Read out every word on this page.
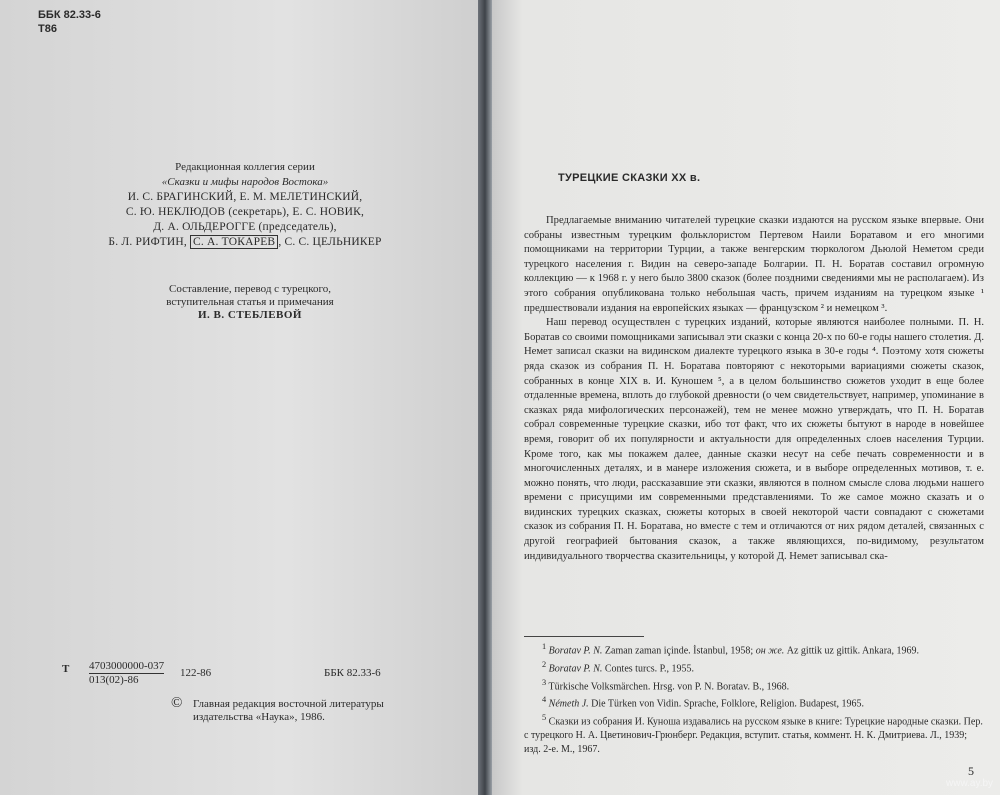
ББК 82.33-6
Т86
Редакционная коллегия серии
«Сказки и мифы народов Востока»
И. С. БРАГИНСКИЙ, Е. М. МЕЛЕТИНСКИЙ,
С. Ю. НЕКЛЮДОВ (секретарь), Е. С. НОВИК,
Д. А. ОЛЬДЕРОГГЕ (председатель),
Б. Л. РИФТИН, С. А. ТОКАРЕВ , С. С. ЦЕЛЬНИКЕР
Составление, перевод с турецкого,
вступительная статья и примечания
И. В. СТЕБЛЕВОЙ
Т 4703000000-037
013(02)-86
122-86	ББК 82.33-6
© Главная редакция восточной литературы
издательства «Наука», 1986.
ТУРЕЦКИЕ СКАЗКИ XX в.

Предлагаемые вниманию читателей турецкие сказки издаются на русском языке впервые. Они собраны известным турецким фольклористом Пертевом Наили Боратавом и его многими помощниками на территории Турции, а также венгерским тюркологом Дьюлой Неметом среди турецкого населения г. Видин на северо-западе Болгарии. П. Н. Боратав составил огромную коллекцию — к 1968 г. у него было 3800 сказок (более поздними сведениями мы не располагаем). Из этого собрания опубликована только небольшая часть, причем изданиям на турецком языке ¹ предшествовали издания на европейских языках — французском ² и немецком ³.

Наш перевод осуществлен с турецких изданий, которые являются наиболее полными. П. Н. Боратав со своими помощниками записывал эти сказки с конца 20-х по 60-е годы нашего столетия. Д. Немет записал сказки на видинском диалекте турецкого языка в 30-е годы ⁴. Поэтому хотя сюжеты ряда сказок из собрания П. Н. Боратава повторяют с некоторыми вариациями сюжеты сказок, собранных в конце XIX в. И. Куношем ⁵, а в целом большинство сюжетов уходит в еще более отдаленные времена, вплоть до глубокой древности (о чем свидетельствует, например, упоминание в сказках ряда мифологических персонажей), тем не менее можно утверждать, что П. Н. Боратав собрал современные турецкие сказки, ибо тот факт, что их сюжеты бытуют в народе в новейшее время, говорит об их популярности и актуальности для определенных слоев населения Турции. Кроме того, как мы покажем далее, данные сказки несут на себе печать современности и в многочисленных деталях, и в манере изложения сюжета, и в выборе определенных мотивов, т. е. можно понять, что люди, рассказавшие эти сказки, являются в полном смысле слова людьми нашего времени с присущими им современными представлениями. То же самое можно сказать и о видинских турецких сказках, сюжеты которых в своей некоторой части совпадают с сюжетами сказок из собрания П. Н. Боратава, но вместе с тем и отличаются от них рядом деталей, связанных с другой географией бытования сказок, а также являющихся, по-видимому, результатом индивидуального творчества сказительницы, у которой Д. Немет записывал ска-

$^1$ Boratav P. N. Zaman zaman içinde. İstanbul, 1958; он же. Az gittik uz gittik. Ankara, 1969.
$^2$ Boratav P. N. Contes turcs. P., 1955.
$^3$ Türkische Volksmärchen. Hrsg. von P. N. Boratav. B., 1968.
$^4$ Németh J. Die Türken von Vidin. Sprache, Folklore, Religion. Budapest, 1965.
$^5$ Сказки из собрания И. Куноша издавались на русском языке в книге: Турецкие народные сказки. Пер. с турецкого Н. А. Цветинович-Грюнберг. Редакция, вступит. статья, коммент. Н. К. Дмитриева. Л., 1939; изд. 2-е. М., 1967.
5
www.ay.by
